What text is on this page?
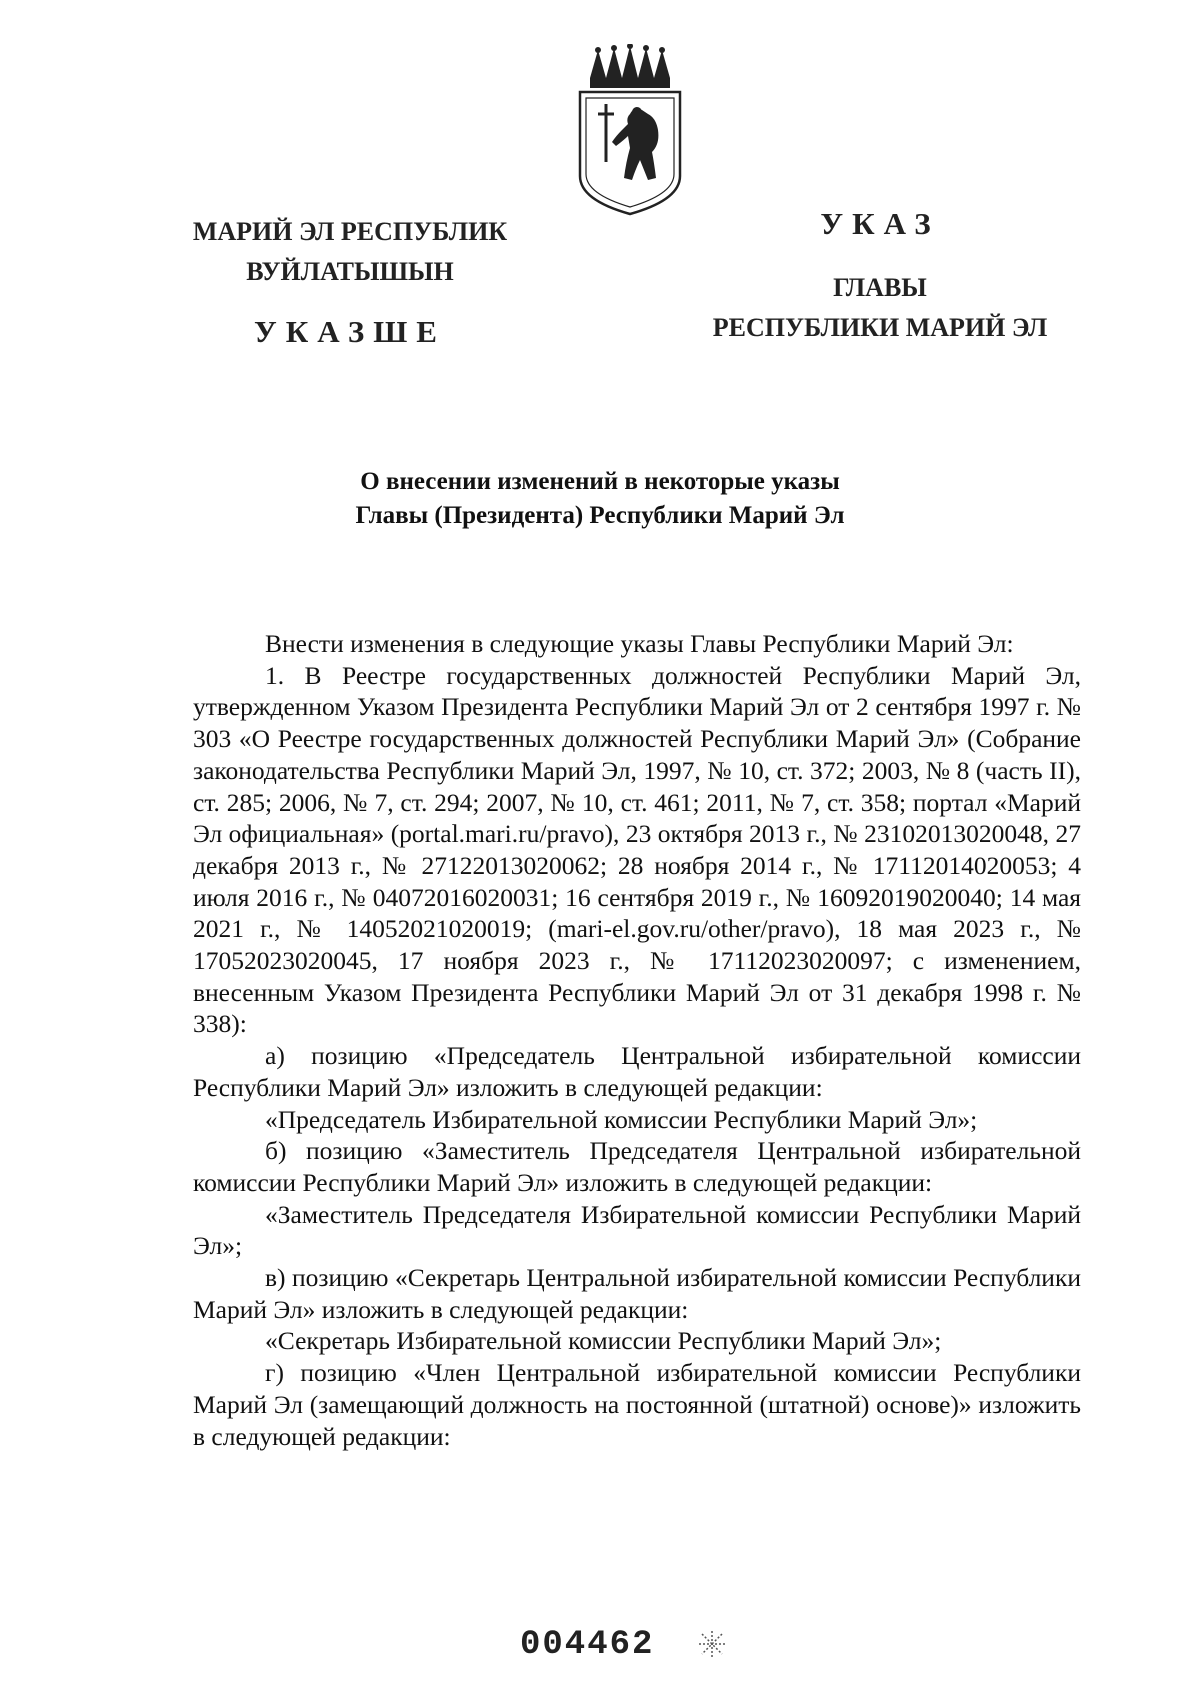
МАРИЙ ЭЛ РЕСПУБЛИК
ВУЙЛАТЫШЫН
УКАЗШЕ
УКАЗ
ГЛАВЫ
РЕСПУБЛИКИ МАРИЙ ЭЛ
О внесении изменений в некоторые указы
Главы (Президента) Республики Марий Эл

Внести изменения в следующие указы Главы Республики Марий Эл:

1. В Реестре государственных должностей Республики Марий Эл, утвержденном Указом Президента Республики Марий Эл от 2 сентября 1997 г. № 303 «О Реестре государственных должностей Республики Марий Эл» (Собрание законодательства Республики Марий Эл, 1997, № 10, ст. 372; 2003, № 8 (часть II), ст. 285; 2006, № 7, ст. 294; 2007, № 10, ст. 461; 2011, № 7, ст. 358; портал «Марий Эл официальная» (portal.mari.ru/pravo), 23 октября 2013 г., № 23102013020048, 27 декабря 2013 г., № 27122013020062; 28 ноября 2014 г., № 17112014020053; 4 июля 2016 г., № 04072016020031; 16 сентября 2019 г., № 16092019020040; 14 мая 2021 г., № 14052021020019; (mari-el.gov.ru/other/pravo), 18 мая 2023 г., № 17052023020045, 17 ноября 2023 г., № 17112023020097; с изменением, внесенным Указом Президента Республики Марий Эл от 31 декабря 1998 г. № 338):

а) позицию «Председатель Центральной избирательной комиссии Республики Марий Эл» изложить в следующей редакции:

«Председатель Избирательной комиссии Республики Марий Эл»;

б) позицию «Заместитель Председателя Центральной избирательной комиссии Республики Марий Эл» изложить в следующей редакции:

«Заместитель Председателя Избирательной комиссии Республики Марий Эл»;

в) позицию «Секретарь Центральной избирательной комиссии Республики Марий Эл» изложить в следующей редакции:

«Секретарь Избирательной комиссии Республики Марий Эл»;

г) позицию «Член Центральной избирательной комиссии Республики Марий Эл (замещающий должность на постоянной (штатной) основе)» изложить в следующей редакции:

004462
